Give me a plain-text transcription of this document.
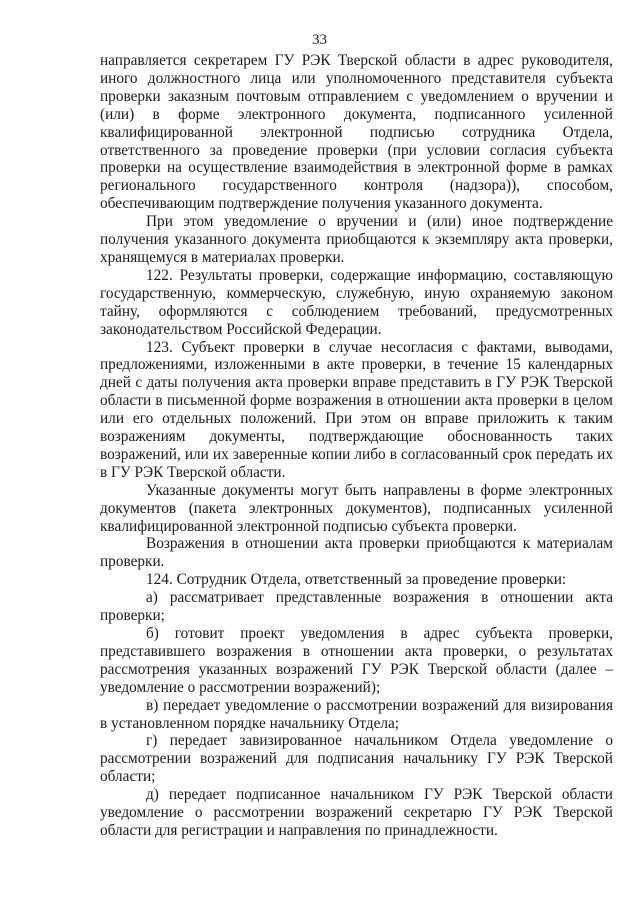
33

направляется секретарем ГУ РЭК Тверской области в адрес руководителя, иного должностного лица или уполномоченного представителя субъекта проверки заказным почтовым отправлением с уведомлением о вручении и (или) в форме электронного документа, подписанного усиленной квалифицированной электронной подписью сотрудника Отдела, ответственного за проведение проверки (при условии согласия субъекта проверки на осуществление взаимодействия в электронной форме в рамках регионального государственного контроля (надзора)), способом, обеспечивающим подтверждение получения указанного документа.

При этом уведомление о вручении и (или) иное подтверждение получения указанного документа приобщаются к экземпляру акта проверки, хранящемуся в материалах проверки.

122. Результаты проверки, содержащие информацию, составляющую государственную, коммерческую, служебную, иную охраняемую законом тайну, оформляются с соблюдением требований, предусмотренных законодательством Российской Федерации.

123. Субъект проверки в случае несогласия с фактами, выводами, предложениями, изложенными в акте проверки, в течение 15 календарных дней с даты получения акта проверки вправе представить в ГУ РЭК Тверской области в письменной форме возражения в отношении акта проверки в целом или его отдельных положений. При этом он вправе приложить к таким возражениям документы, подтверждающие обоснованность таких возражений, или их заверенные копии либо в согласованный срок передать их в ГУ РЭК Тверской области.

Указанные документы могут быть направлены в форме электронных документов (пакета электронных документов), подписанных усиленной квалифицированной электронной подписью субъекта проверки.

Возражения в отношении акта проверки приобщаются к материалам проверки.

124. Сотрудник Отдела, ответственный за проведение проверки:

а) рассматривает представленные возражения в отношении акта проверки;

б) готовит проект уведомления в адрес субъекта проверки, представившего возражения в отношении акта проверки, о результатах рассмотрения указанных возражений ГУ РЭК Тверской области (далее – уведомление о рассмотрении возражений);

в) передает уведомление о рассмотрении возражений для визирования в установленном порядке начальнику Отдела;

г) передает завизированное начальником Отдела уведомление о рассмотрении возражений для подписания начальнику ГУ РЭК Тверской области;

д) передает подписанное начальником ГУ РЭК Тверской области уведомление о рассмотрении возражений секретарю ГУ РЭК Тверской области для регистрации и направления по принадлежности.
